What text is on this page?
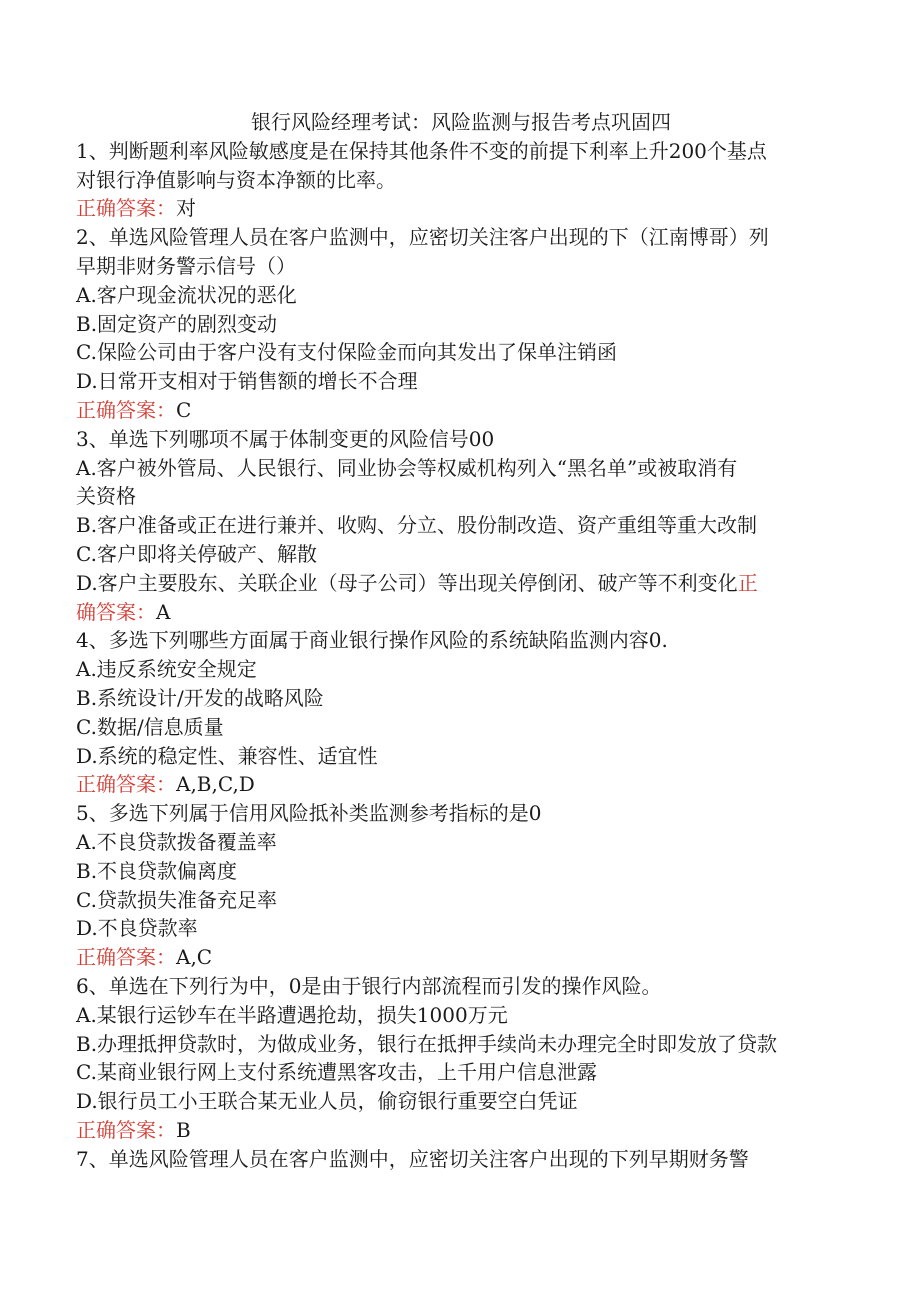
银行风险经理考试：风险监测与报告考点巩固四
1、判断题利率风险敏感度是在保持其他条件不变的前提下利率上升200个基点
对银行净值影响与资本净额的比率。
正确答案：对
2、单选风险管理人员在客户监测中，应密切关注客户出现的下（江南博哥）列
早期非财务警示信号（）
A.客户现金流状况的恶化
B.固定资产的剧烈变动
C.保险公司由于客户没有支付保险金而向其发出了保单注销函
D.日常开支相对于销售额的增长不合理
正确答案：C
3、单选下列哪项不属于体制变更的风险信号00
A.客户被外管局、人民银行、同业协会等权威机构列入“黑名单”或被取消有
关资格
B.客户准备或正在进行兼并、收购、分立、股份制改造、资产重组等重大改制
C.客户即将关停破产、解散
D.客户主要股东、关联企业（母子公司）等出现关停倒闭、破产等不利变化正
确答案：A
4、多选下列哪些方面属于商业银行操作风险的系统缺陷监测内容0.
A.违反系统安全规定
B.系统设计/开发的战略风险
C.数据/信息质量
D.系统的稳定性、兼容性、适宜性
正确答案：A,B,C,D
5、多选下列属于信用风险抵补类监测参考指标的是0
A.不良贷款拨备覆盖率
B.不良贷款偏离度
C.贷款损失准备充足率
D.不良贷款率
正确答案：A,C
6、单选在下列行为中，0是由于银行内部流程而引发的操作风险。
A.某银行运钞车在半路遭遇抢劫，损失1000万元
B.办理抵押贷款时，为做成业务，银行在抵押手续尚未办理完全时即发放了贷款
C.某商业银行网上支付系统遭黑客攻击，上千用户信息泄露
D.银行员工小王联合某无业人员，偷窃银行重要空白凭证
正确答案：B
7、单选风险管理人员在客户监测中，应密切关注客户出现的下列早期财务警
